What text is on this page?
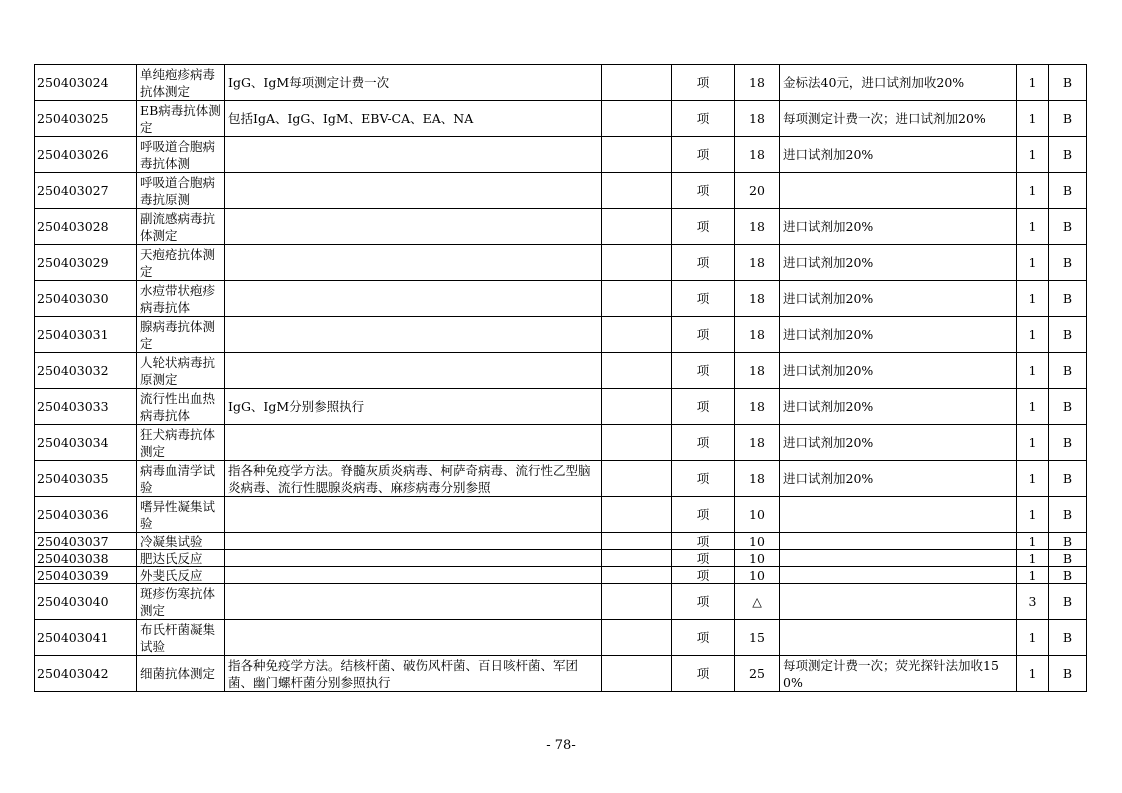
250403024	单纯疱疹病毒抗体测定	IgG、IgM每项测定计费一次		项	18	金标法40元，进口试剂加收20%	1	B
250403025	EB病毒抗体测定	包括IgA、IgG、IgM、EBV-CA、EA、NA		项	18	每项测定计费一次；进口试剂加20%	1	B
250403026	呼吸道合胞病毒抗体测			项	18	进口试剂加20%	1	B
250403027	呼吸道合胞病毒抗原测			项	20		1	B
250403028	副流感病毒抗体测定			项	18	进口试剂加20%	1	B
250403029	天疱疮抗体测定			项	18	进口试剂加20%	1	B
250403030	水痘带状疱疹病毒抗体			项	18	进口试剂加20%	1	B
250403031	腺病毒抗体测定			项	18	进口试剂加20%	1	B
250403032	人轮状病毒抗原测定			项	18	进口试剂加20%	1	B
250403033	流行性出血热病毒抗体	IgG、IgM分别参照执行		项	18	进口试剂加20%	1	B
250403034	狂犬病毒抗体测定			项	18	进口试剂加20%	1	B
250403035	病毒血清学试验	指各种免疫学方法。脊髓灰质炎病毒、柯萨奇病毒、流行性乙型脑炎病毒、流行性腮腺炎病毒、麻疹病毒分别参照		项	18	进口试剂加20%	1	B
250403036	嗜异性凝集试验			项	10		1	B
250403037	冷凝集试验			项	10		1	B
250403038	肥达氏反应			项	10		1	B
250403039	外斐氏反应			项	10		1	B
250403040	斑疹伤寒抗体测定			项	△		3	B
250403041	布氏杆菌凝集试验			项	15		1	B
250403042	细菌抗体测定	指各种免疫学方法。结核杆菌、破伤风杆菌、百日咳杆菌、军团菌、幽门螺杆菌分别参照执行		项	25	每项测定计费一次；荧光探针法加收150%	1	B
- 78-
